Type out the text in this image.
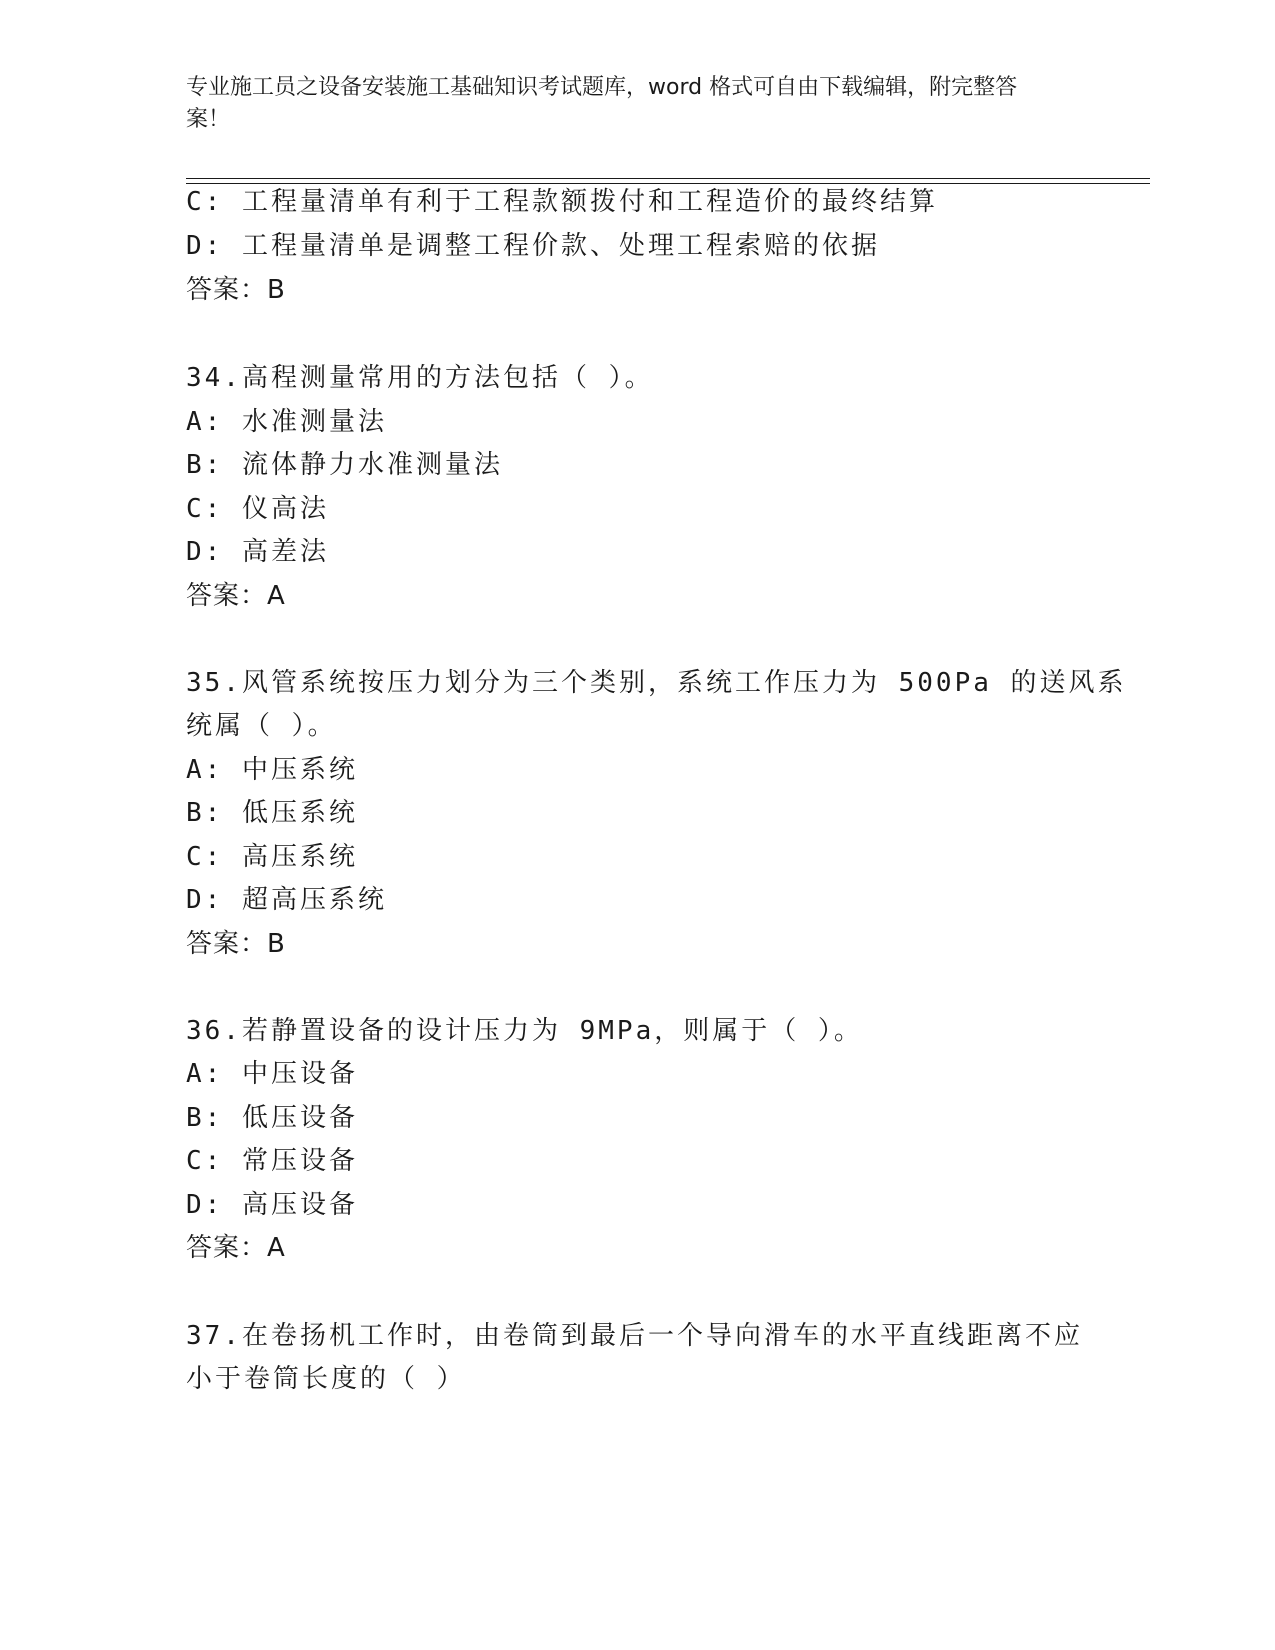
专业施工员之设备安装施工基础知识考试题库，word 格式可自由下载编辑，附完整答案！
C: 工程量清单有利于工程款额拨付和工程造价的最终结算
D: 工程量清单是调整工程价款、处理工程索赔的依据
答案：B
34.高程测量常用的方法包括（ ）。
A: 水准测量法
B: 流体静力水准测量法
C: 仪高法
D: 高差法
答案：A
35.风管系统按压力划分为三个类别，系统工作压力为 500Pa 的送风系
统属（ ）。
A: 中压系统
B: 低压系统
C: 高压系统
D: 超高压系统
答案：B
36.若静置设备的设计压力为 9MPa，则属于（ ）。
A: 中压设备
B: 低压设备
C: 常压设备
D: 高压设备
答案：A
37.在卷扬机工作时，由卷筒到最后一个导向滑车的水平直线距离不应
小于卷筒长度的（ ）
